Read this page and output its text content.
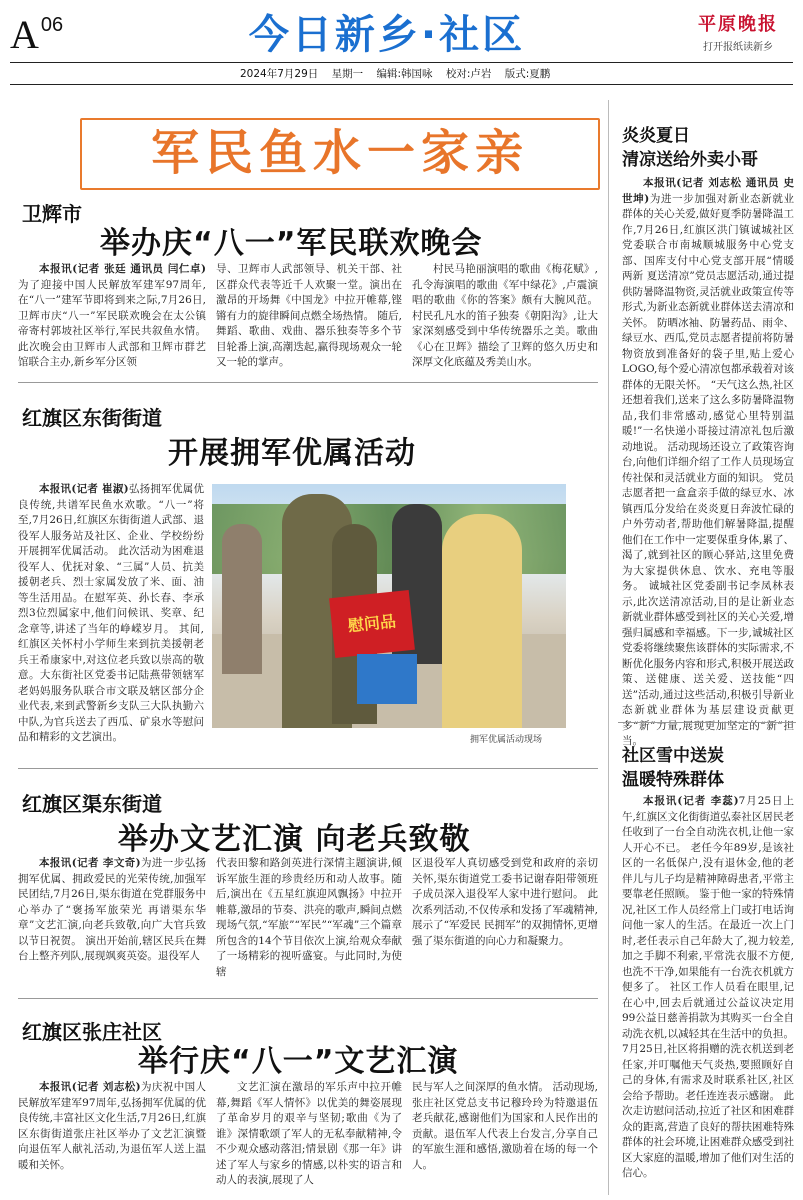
A $^{06}$	今日新乡·社区	平原晚报
打开报纸读新乡
2024年7月29日 星期一 编辑:韩国咏 校对:卢岩 版式:夏鹏
军民鱼水一家亲
卫辉市
举办庆“八一”军民联欢晚会

本报讯(记者 张廷 通讯员 闫仁卓)为了迎接中国人民解放军建军97周年,在“八一”建军节即将到来之际,7月26日,卫辉市庆“八一”军民联欢晚会在太公镇帝寄村郭坡社区举行,军民共叙鱼水情。 此次晚会由卫辉市人武部和卫辉市群艺馆联合主办,新乡军分区领

导、卫辉市人武部领导、机关干部、社区群众代表等近千人欢聚一堂。演出在激昂的开场舞《中国龙》中拉开帷幕,铿锵有力的旋律瞬间点燃全场热情。 随后,舞蹈、歌曲、戏曲、器乐独奏等多个节目轮番上演,高潮迭起,赢得现场观众一轮又一轮的掌声。
村民马艳丽演唱的歌曲《梅花赋》,孔令海演唱的歌曲《军中绿花》,卢震演唱的歌曲《你的答案》颇有大腕风范。村民孔凡水的笛子独奏《朝阳沟》,让大家深刻感受到中华传统器乐之美。歌曲《心在卫辉》描绘了卫辉的悠久历史和深厚文化底蕴及秀美山水。
红旗区东街街道
开展拥军优属活动

本报讯(记者 崔淑)弘扬拥军优属优良传统,共谱军民鱼水欢歌。“八一”将至,7月26日,红旗区东街街道人武部、退役军人服务站及社区、企业、学校纷纷开展拥军优属活动。 此次活动为困难退役军人、优抚对象、“三属”人员、抗美援朝老兵、烈士家属发放了米、面、油等生活用品。在慰军英、孙长春、李承烈3位烈属家中,他们问候讯、奖章、纪念章等,讲述了当年的峥嵘岁月。 其间,红旗区关怀村小学师生来到抗美援朝老兵王希康家中,对这位老兵致以崇高的敬意。大东街社区党委书记陆燕带领辖军老妈妈服务队联合市文联及辖区部分企业代表,来到武警新乡支队三大队执勤六中队,为官兵送去了西瓜、矿泉水等慰问品和精彩的文艺演出。

慰问品
拥军优属活动现场
红旗区渠东街道
举办文艺汇演 向老兵致敬

本报讯(记者 李文奇)为进一步弘扬拥军优属、拥政爱民的光荣传统,加强军民团结,7月26日,渠东街道在党群服务中心举办了“褒扬军旅荣光 再谱渠东华章”文艺汇演,向老兵致敬,向广大官兵致以节日祝贺。 演出开始前,辖区民兵在舞台上整齐列队,展现飒爽英姿。退役军人

代表田黎和路剑英进行深情主题演讲,倾诉军旅生涯的珍贵经历和动人故事。随后,演出在《五星红旗迎风飘扬》中拉开帷幕,激昂的节奏、洪亮的歌声,瞬间点燃现场气氛,“军旅”“军民”“军魂”三个篇章所包含的14个节目依次上演,给观众奉献了一场精彩的视听盛宴。与此同时,为使辖
区退役军人真切感受到党和政府的亲切关怀,渠东街道党工委书记谢春阳带领班子成员深入退役军人家中进行慰问。 此次系列活动,不仅传承和发扬了军魂精神,展示了“军爱民 民拥军”的双拥情怀,更增强了渠东街道的向心力和凝聚力。
红旗区张庄社区
举行庆“八一”文艺汇演

本报讯(记者 刘志松)为庆祝中国人民解放军建军97周年,弘扬拥军优属的优良传统,丰富社区文化生活,7月26日,红旗区东街街道张庄社区举办了文艺汇演暨向退伍军人献礼活动,为退伍军人送上温暖和关怀。

文艺汇演在激昂的军乐声中拉开帷幕,舞蹈《军人情怀》以优美的舞姿展现了革命岁月的艰辛与坚韧;歌曲《为了谁》深情歌颂了军人的无私奉献精神,令不少观众感动落泪;情景剧《那一年》讲述了军人与家乡的情感,以朴实的语言和动人的表演,展现了人
民与军人之间深厚的鱼水情。 活动现场,张庄社区党总支书记穆玲玲为特邀退伍老兵献花,感谢他们为国家和人民作出的贡献。退伍军人代表上台发言,分享自己的军旅生涯和感悟,激励着在场的每一个人。
炎炎夏日
清凉送给外卖小哥

本报讯(记者 刘志松 通讯员 史世坤)为进一步加强对新业态新就业群体的关心关爱,做好夏季防暑降温工作,7月26日,红旗区洪门镇诚城社区党委联合市南城顺城服务中心党支部、国库支付中心党支部开展“情暖两新 夏送清凉”党员志愿活动,通过提供防暑降温物资,灵活就业政策宣传等形式,为新业态新就业群体送去清凉和关怀。 防晒冰袖、防暑药品、雨伞、绿豆水、西瓜,党员志愿者提前将防暑物资放到准备好的袋子里,贴上爱心LOGO,每个爱心清凉包都承载着对该群体的无限关怀。 “天气这么热,社区还想着我们,送来了这么多防暑降温物品,我们非常感动,感觉心里特别温暖!”一名快递小哥接过清凉礼包后激动地说。 活动现场还设立了政策咨询台,向他们详细介绍了工作人员现场宣传社保和灵活就业方面的知识。 党员志愿者把一盒盒亲手做的绿豆水、冰镇西瓜分发给在炎炎夏日奔波忙碌的户外劳动者,帮助他们解暑降温,提醒他们在工作中一定要保重身体,累了、渴了,就到社区的顾心驿站,这里免费为大家提供休息、饮水、充电等服务。 诚城社区党委副书记李凤林表示,此次送清凉活动,目的是让新业态新就业群体感受到社区的关心关爱,增强归属感和幸福感。下一步,诚城社区党委将继续聚焦该群体的实际需求,不断优化服务内容和形式,积极开展送政策、送健康、送关爱、送技能“四送”活动,通过这些活动,积极引导新业态新就业群体为基层建设贡献更多“新”力量,展现更加坚定的“新”担当。

社区雪中送炭
温暖特殊群体

本报讯(记者 李蕊)7月25日上午,红旗区文化街街道弘泰社区居民老任收到了一台全自动洗衣机,让他一家人开心不已。 老任今年89岁,是该社区的一名低保户,没有退休金,他的老伴儿与儿子均是精神障碍患者,平常主要靠老任照顾。 鉴于他一家的特殊情况,社区工作人员经常上门或打电话询问他一家人的生活。在最近一次上门时,老任表示自己年龄大了,视力较差,加之手脚不利索,平常洗衣服不方便,也洗不干净,如果能有一台洗衣机就方便多了。 社区工作人员看在眼里,记在心中,回去后就通过公益议决定用99公益日慈善捐款为其购买一台全自动洗衣机,以减轻其在生活中的负担。 7月25日,社区将捐赠的洗衣机送到老任家,并叮嘱他天气炎热,要照顾好自己的身体,有需求及时联系社区,社区会给予帮助。老任连连表示感谢。 此次走访慰问活动,拉近了社区和困难群众的距离,营造了良好的帮扶困难特殊群体的社会环境,让困难群众感受到社区大家庭的温暖,增加了他们对生活的信心。
